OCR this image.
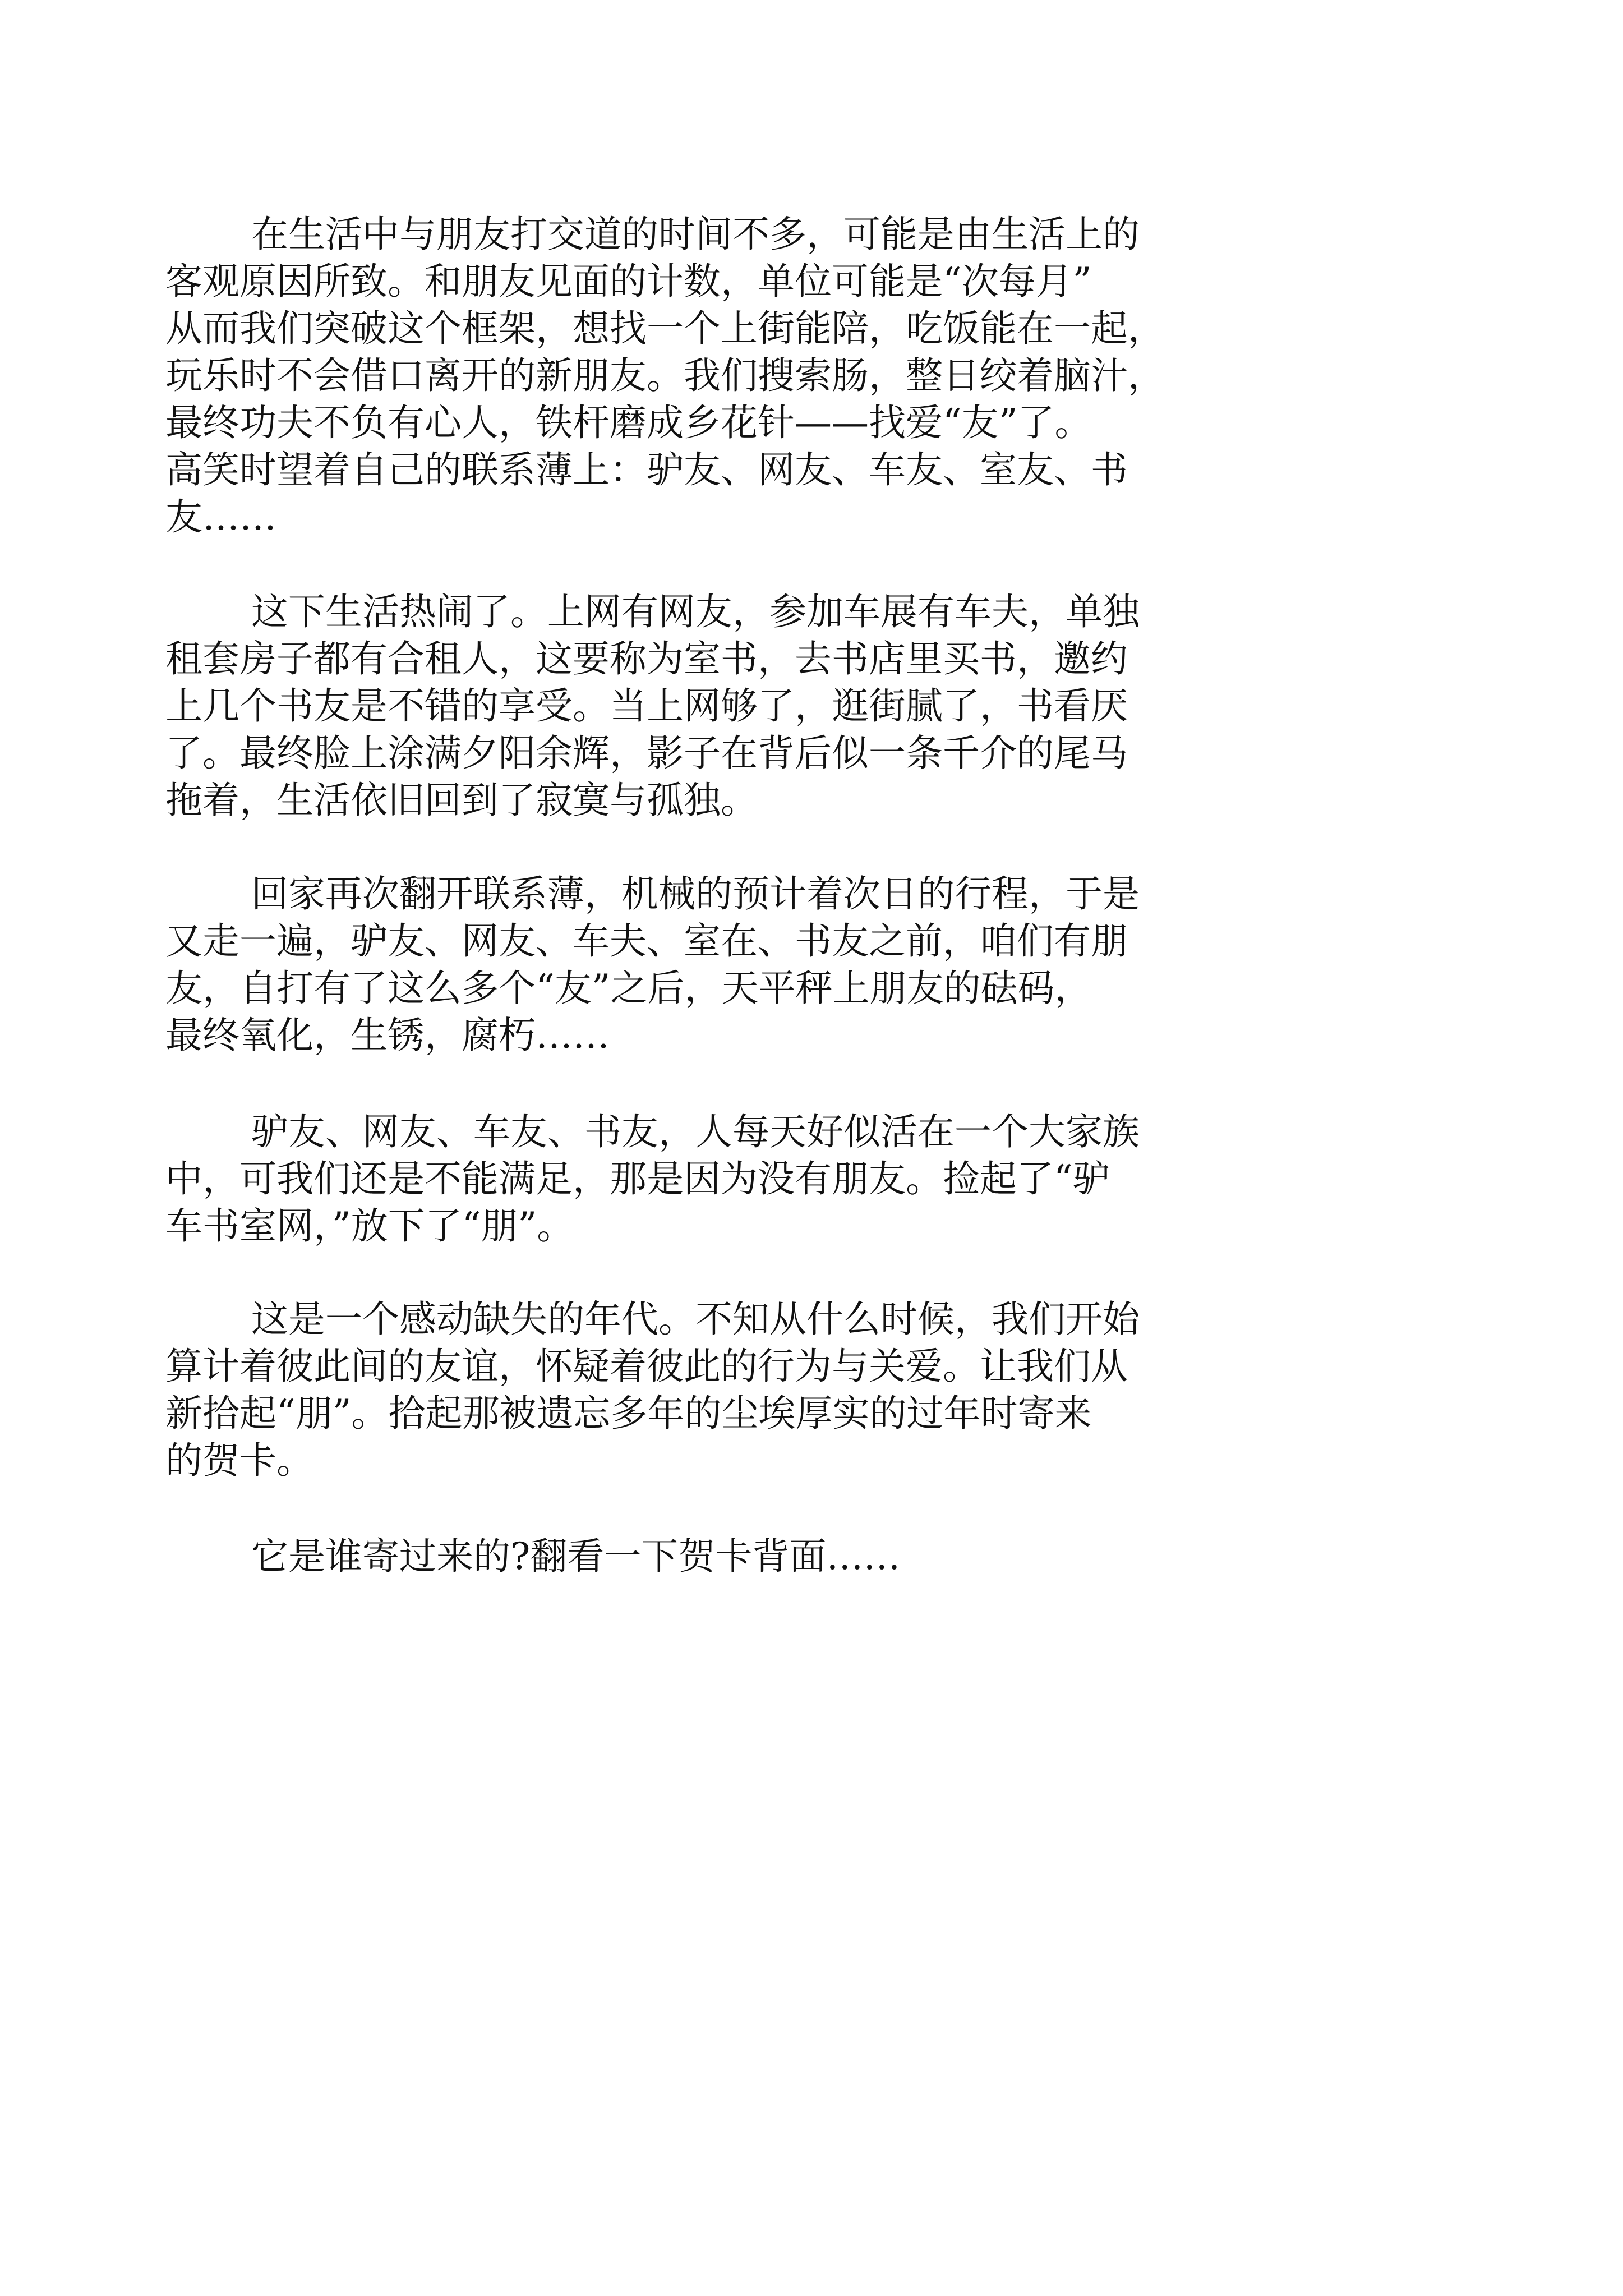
在生活中与朋友打交道的时间不多，可能是由生活上的
客观原因所致。和朋友见面的计数，单位可能是“次每月”
从而我们突破这个框架，想找一个上街能陪，吃饭能在一起，
玩乐时不会借口离开的新朋友。我们搜索肠，整日绞着脑汁，
最终功夫不负有心人，铁杆磨成乡花针——找爱“友”了。
高笑时望着自己的联系薄上：驴友、网友、车友、室友、书
友……
这下生活热闹了。上网有网友，参加车展有车夫，单独
租套房子都有合租人，这要称为室书，去书店里买书，邀约
上几个书友是不错的享受。当上网够了，逛街腻了，书看厌
了。最终脸上涂满夕阳余辉，影子在背后似一条千介的尾马
拖着，生活依旧回到了寂寞与孤独。
回家再次翻开联系薄，机械的预计着次日的行程，于是
又走一遍，驴友、网友、车夫、室在、书友之前，咱们有朋
友，自打有了这么多个“友”之后，天平秤上朋友的砝码，
最终氧化，生锈，腐朽……
驴友、网友、车友、书友，人每天好似活在一个大家族
中，可我们还是不能满足，那是因为没有朋友。捡起了“驴
车书室网，”放下了“朋”。
这是一个感动缺失的年代。不知从什么时候，我们开始
算计着彼此间的友谊，怀疑着彼此的行为与关爱。让我们从
新拾起“朋”。拾起那被遗忘多年的尘埃厚实的过年时寄来
的贺卡。
它是谁寄过来的?翻看一下贺卡背面……
